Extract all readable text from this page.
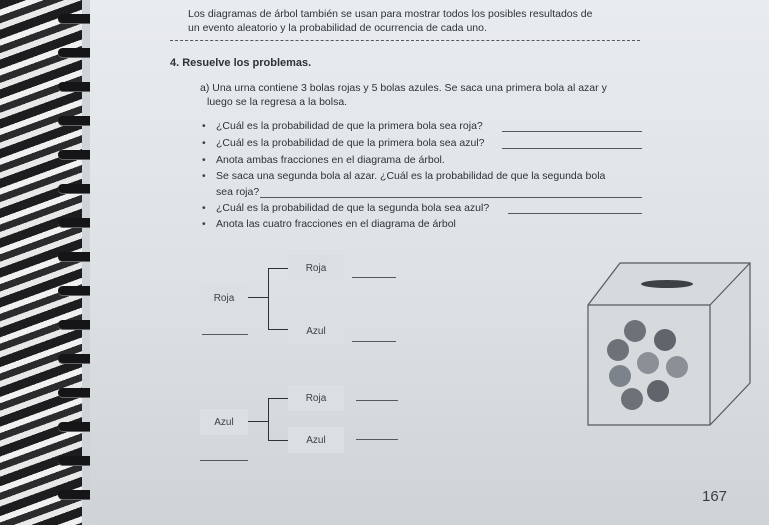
Los diagramas de árbol también se usan para mostrar todos los posibles resultados de
un evento aleatorio y la probabilidad de ocurrencia de cada uno.
4. Resuelve los problemas.
a) Una urna contiene 3 bolas rojas y 5 bolas azules. Se saca una primera bola al azar y
luego se la regresa a la bolsa.
• ¿Cuál es la probabilidad de que la primera bola sea roja?
• ¿Cuál es la probabilidad de que la primera bola sea azul?
• Anota ambas fracciones en el diagrama de árbol.
• Se saca una segunda bola al azar. ¿Cuál es la probabilidad de que la segunda bola
sea roja?
• ¿Cuál es la probabilidad de que la segunda bola sea azul?
• Anota las cuatro fracciones en el diagrama de árbol
Roja
Roja
Azul
Azul
Roja
Azul
167
